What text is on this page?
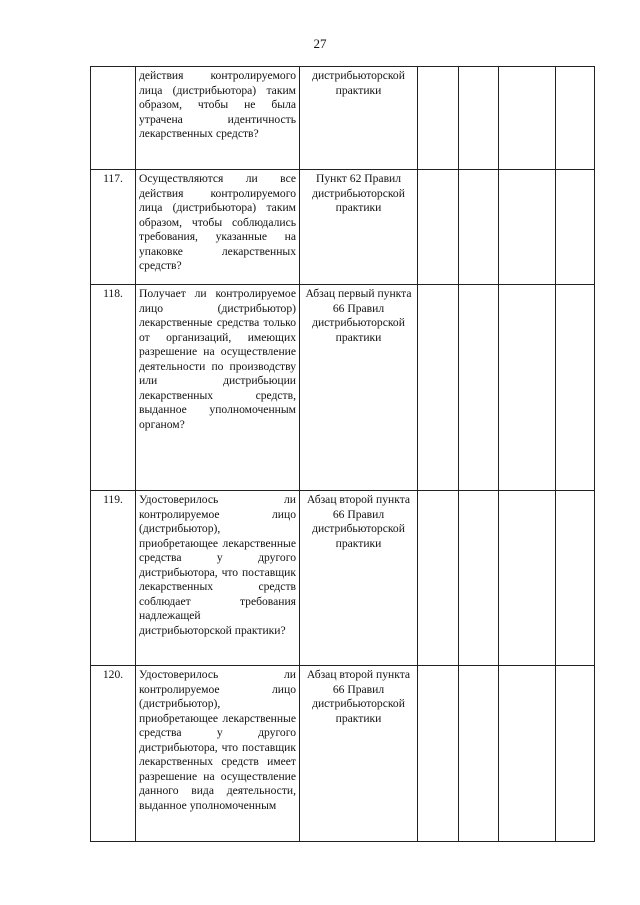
27
	действия контролируемого лица (дистрибьютора) таким образом, чтобы не была утрачена идентичность лекарственных средств?	дистрибьюторской практики				
117.	Осуществляются ли все действия контролируемого лица (дистрибьютора) таким образом, чтобы соблюдались требования, указанные на упаковке лекарственных средств?	Пункт 62 Правил дистрибьюторской практики				
118.	Получает ли контролируемое лицо (дистрибьютор) лекарственные средства только от организаций, имеющих разрешение на осуществление деятельности по производству или дистрибьюции лекарственных средств, выданное уполномоченным органом?	Абзац первый пункта 66 Правил дистрибьюторской практики				
119.	Удостоверилось ли контролируемое лицо (дистрибьютор), приобретающее лекарственные средства у другого дистрибьютора, что поставщик лекарственных средств соблюдает требования надлежащей дистрибьюторской практики?	Абзац второй пункта 66 Правил дистрибьюторской практики				
120.	Удостоверилось ли контролируемое лицо (дистрибьютор), приобретающее лекарственные средства у другого дистрибьютора, что поставщик лекарственных средств имеет разрешение на осуществление данного вида деятельности, выданное уполномоченным	Абзац второй пункта 66 Правил дистрибьюторской практики				
